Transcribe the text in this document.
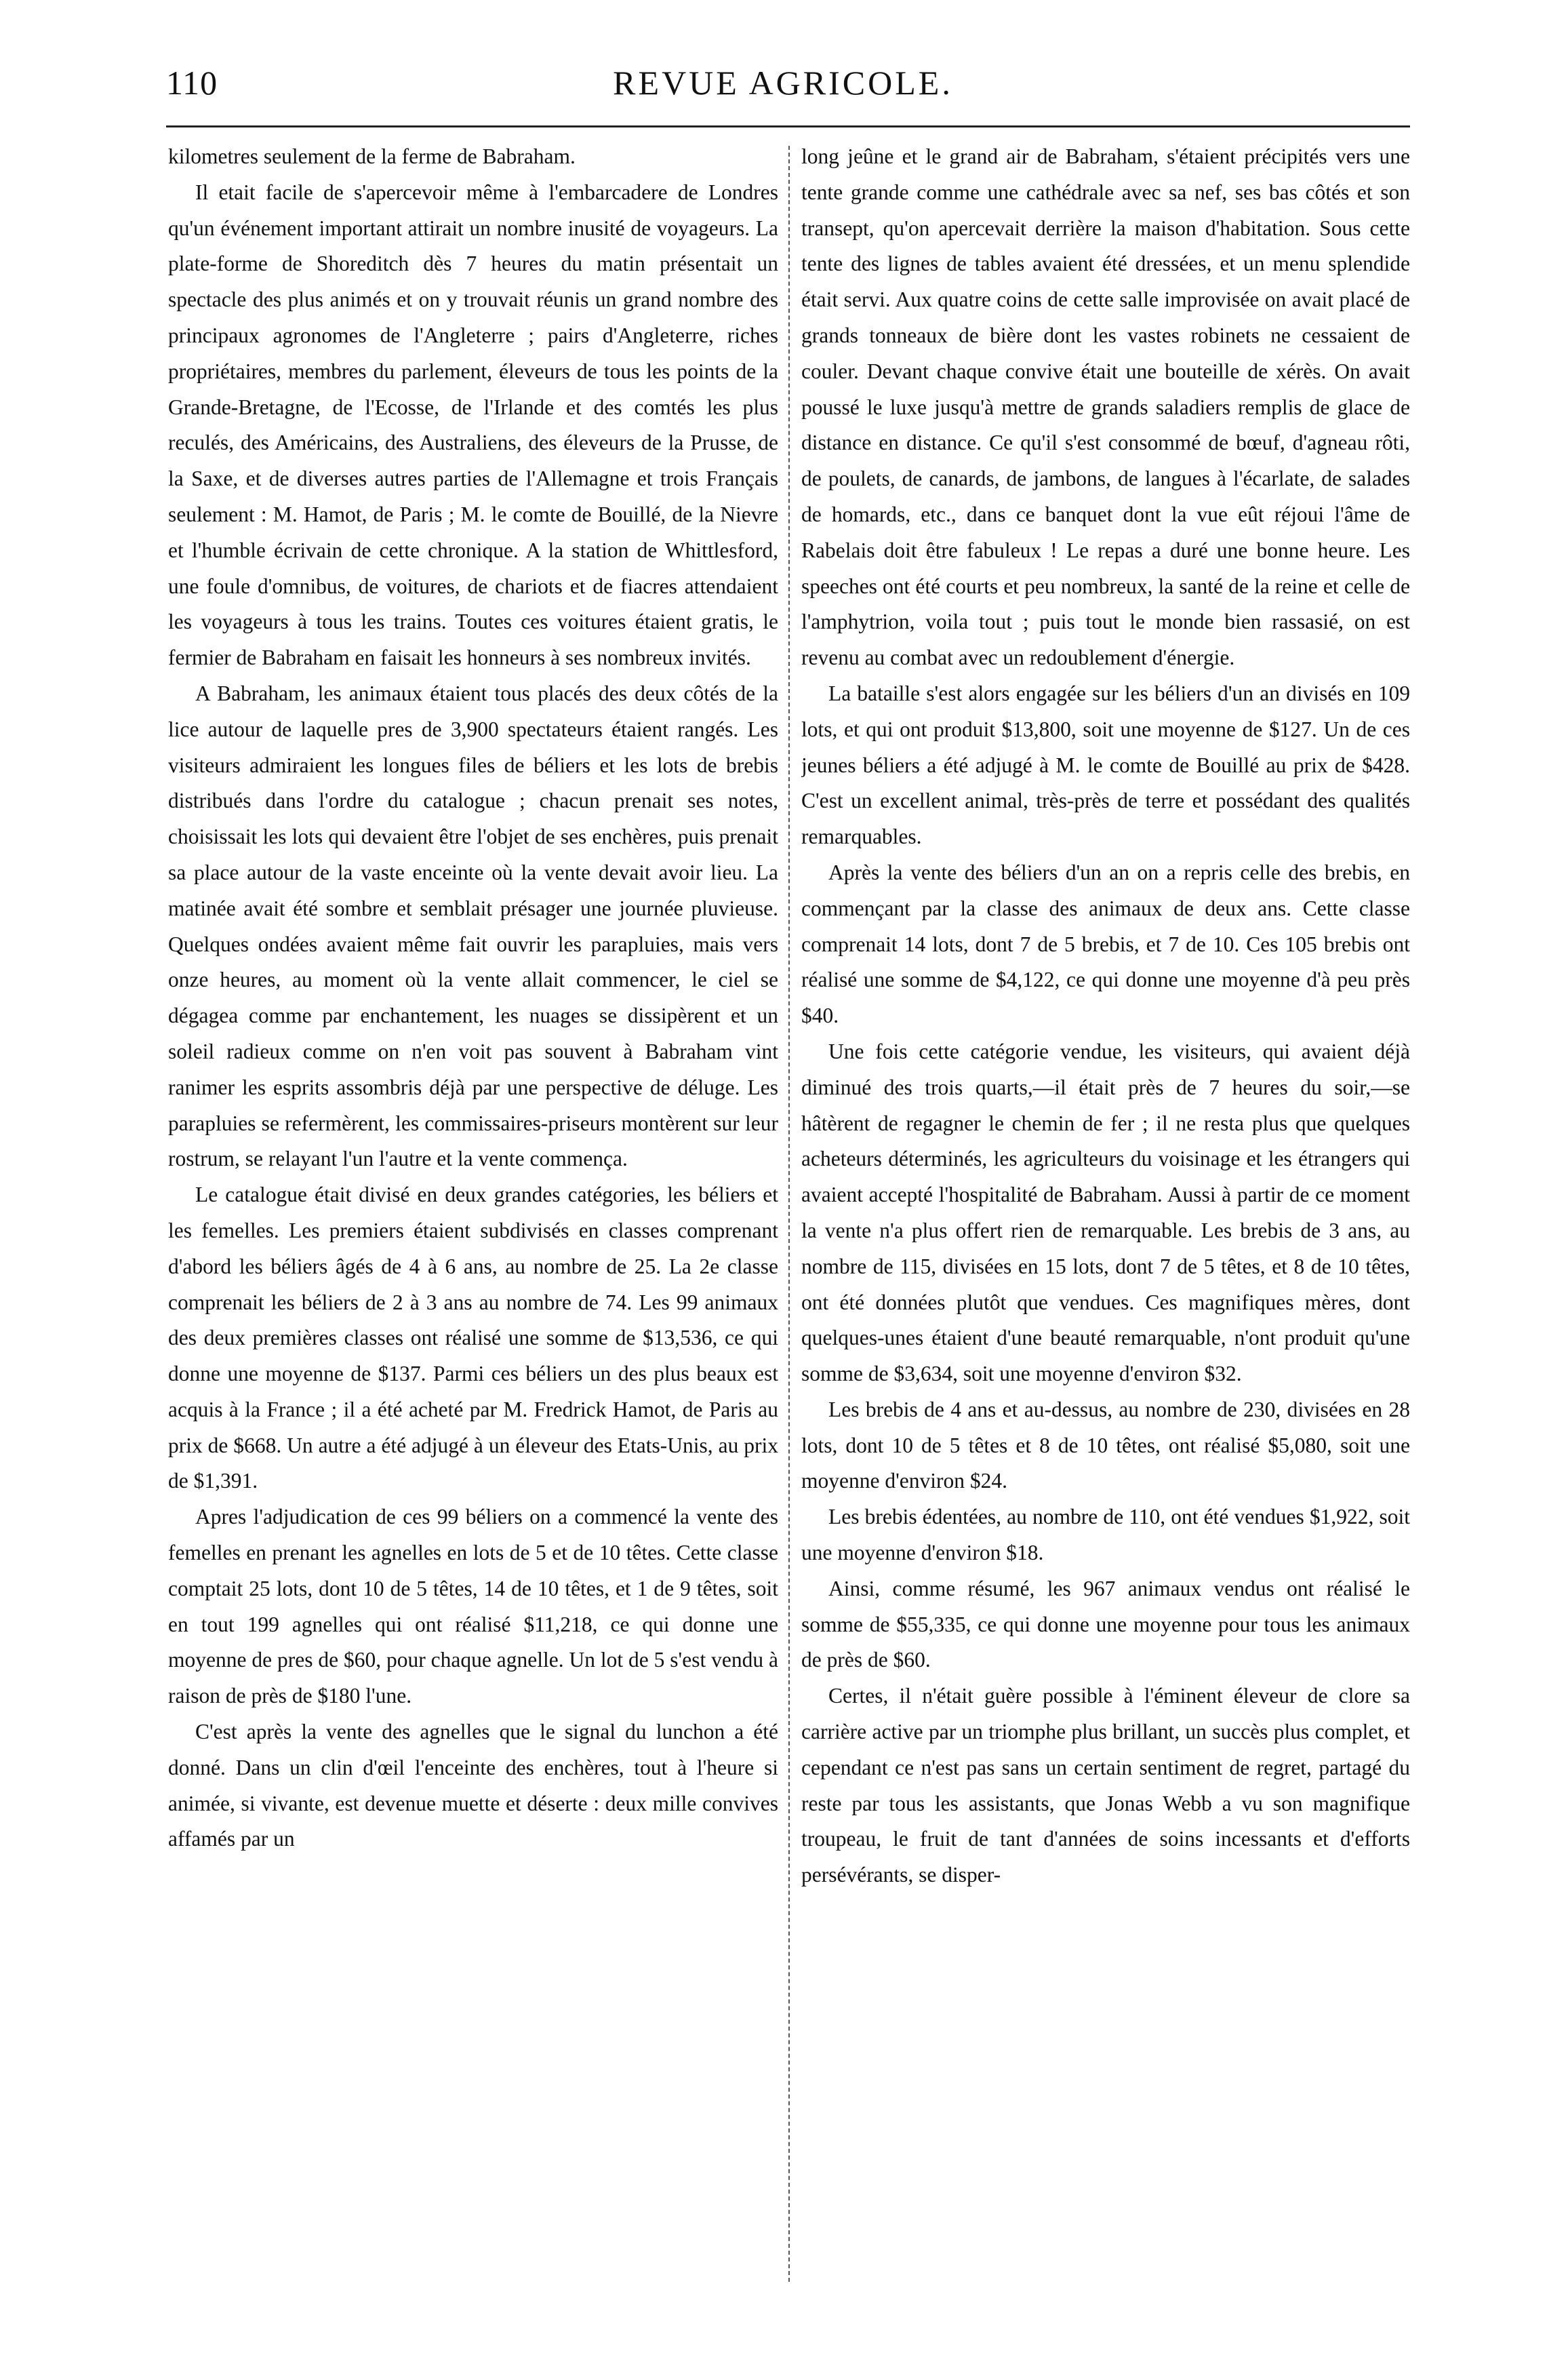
110	REVUE AGRICOLE.

kilometres seulement de la ferme de Babraham.

Il etait facile de s'apercevoir même à l'embarcadere de Londres qu'un événement important attirait un nombre inusité de voyageurs. La plate-forme de Shoreditch dès 7 heures du matin présentait un spectacle des plus animés et on y trouvait réunis un grand nombre des principaux agronomes de l'Angleterre ; pairs d'Angleterre, riches propriétaires, membres du parlement, éleveurs de tous les points de la Grande-Bretagne, de l'Ecosse, de l'Irlande et des comtés les plus reculés, des Américains, des Australiens, des éleveurs de la Prusse, de la Saxe, et de diverses autres parties de l'Allemagne et trois Français seulement : M. Hamot, de Paris ; M. le comte de Bouillé, de la Nievre et l'humble écrivain de cette chronique. A la station de Whittlesford, une foule d'omnibus, de voitures, de chariots et de fiacres attendaient les voyageurs à tous les trains. Toutes ces voitures étaient gratis, le fermier de Babraham en faisait les honneurs à ses nombreux invités.

A Babraham, les animaux étaient tous placés des deux côtés de la lice autour de laquelle pres de 3,900 spectateurs étaient rangés. Les visiteurs admiraient les longues files de béliers et les lots de brebis distribués dans l'ordre du catalogue ; chacun prenait ses notes, choisissait les lots qui devaient être l'objet de ses enchères, puis prenait sa place autour de la vaste enceinte où la vente devait avoir lieu. La matinée avait été sombre et semblait présager une journée pluvieuse. Quelques ondées avaient même fait ouvrir les parapluies, mais vers onze heures, au moment où la vente allait commencer, le ciel se dégagea comme par enchantement, les nuages se dissipèrent et un soleil radieux comme on n'en voit pas souvent à Babraham vint ranimer les esprits assombris déjà par une perspective de déluge. Les parapluies se refermèrent, les commissaires-priseurs montèrent sur leur rostrum, se relayant l'un l'autre et la vente commença.

Le catalogue était divisé en deux grandes catégories, les béliers et les femelles. Les premiers étaient subdivisés en classes comprenant d'abord les béliers âgés de 4 à 6 ans, au nombre de 25. La 2e classe comprenait les béliers de 2 à 3 ans au nombre de 74. Les 99 animaux des deux premières classes ont réalisé une somme de $13,536, ce qui donne une moyenne de $137. Parmi ces béliers un des plus beaux est acquis à la France ; il a été acheté par M. Fredrick Hamot, de Paris au prix de $668. Un autre a été adjugé à un éleveur des Etats-Unis, au prix de $1,391.

Apres l'adjudication de ces 99 béliers on a commencé la vente des femelles en prenant les agnelles en lots de 5 et de 10 têtes. Cette classe comptait 25 lots, dont 10 de 5 têtes, 14 de 10 têtes, et 1 de 9 têtes, soit en tout 199 agnelles qui ont réalisé $11,218, ce qui donne une moyenne de pres de $60, pour chaque agnelle. Un lot de 5 s'est vendu à raison de près de $180 l'une.

C'est après la vente des agnelles que le signal du lunchon a été donné. Dans un clin d'œil l'enceinte des enchères, tout à l'heure si animée, si vivante, est devenue muette et déserte : deux mille convives affamés par un

long jeûne et le grand air de Babraham, s'étaient précipités vers une tente grande comme une cathédrale avec sa nef, ses bas côtés et son transept, qu'on apercevait derrière la maison d'habitation. Sous cette tente des lignes de tables avaient été dressées, et un menu splendide était servi. Aux quatre coins de cette salle improvisée on avait placé de grands tonneaux de bière dont les vastes robinets ne cessaient de couler. Devant chaque convive était une bouteille de xérès. On avait poussé le luxe jusqu'à mettre de grands saladiers remplis de glace de distance en distance. Ce qu'il s'est consommé de bœuf, d'agneau rôti, de poulets, de canards, de jambons, de langues à l'écarlate, de salades de homards, etc., dans ce banquet dont la vue eût réjoui l'âme de Rabelais doit être fabuleux ! Le repas a duré une bonne heure. Les speeches ont été courts et peu nombreux, la santé de la reine et celle de l'amphytrion, voila tout ; puis tout le monde bien rassasié, on est revenu au combat avec un redoublement d'énergie.

La bataille s'est alors engagée sur les béliers d'un an divisés en 109 lots, et qui ont produit $13,800, soit une moyenne de $127. Un de ces jeunes béliers a été adjugé à M. le comte de Bouillé au prix de $428. C'est un excellent animal, très-près de terre et possédant des qualités remarquables.

Après la vente des béliers d'un an on a repris celle des brebis, en commençant par la classe des animaux de deux ans. Cette classe comprenait 14 lots, dont 7 de 5 brebis, et 7 de 10. Ces 105 brebis ont réalisé une somme de $4,122, ce qui donne une moyenne d'à peu près $40.

Une fois cette catégorie vendue, les visiteurs, qui avaient déjà diminué des trois quarts,—il était près de 7 heures du soir,—se hâtèrent de regagner le chemin de fer ; il ne resta plus que quelques acheteurs déterminés, les agriculteurs du voisinage et les étrangers qui avaient accepté l'hospitalité de Babraham. Aussi à partir de ce moment la vente n'a plus offert rien de remarquable. Les brebis de 3 ans, au nombre de 115, divisées en 15 lots, dont 7 de 5 têtes, et 8 de 10 têtes, ont été données plutôt que vendues. Ces magnifiques mères, dont quelques-unes étaient d'une beauté remarquable, n'ont produit qu'une somme de $3,634, soit une moyenne d'environ $32.

Les brebis de 4 ans et au-dessus, au nombre de 230, divisées en 28 lots, dont 10 de 5 têtes et 8 de 10 têtes, ont réalisé $5,080, soit une moyenne d'environ $24.

Les brebis édentées, au nombre de 110, ont été vendues $1,922, soit une moyenne d'environ $18.

Ainsi, comme résumé, les 967 animaux vendus ont réalisé le somme de $55,335, ce qui donne une moyenne pour tous les animaux de près de $60.

Certes, il n'était guère possible à l'éminent éleveur de clore sa carrière active par un triomphe plus brillant, un succès plus complet, et cependant ce n'est pas sans un certain sentiment de regret, partagé du reste par tous les assistants, que Jonas Webb a vu son magnifique troupeau, le fruit de tant d'années de soins incessants et d'efforts persévérants, se disper-
